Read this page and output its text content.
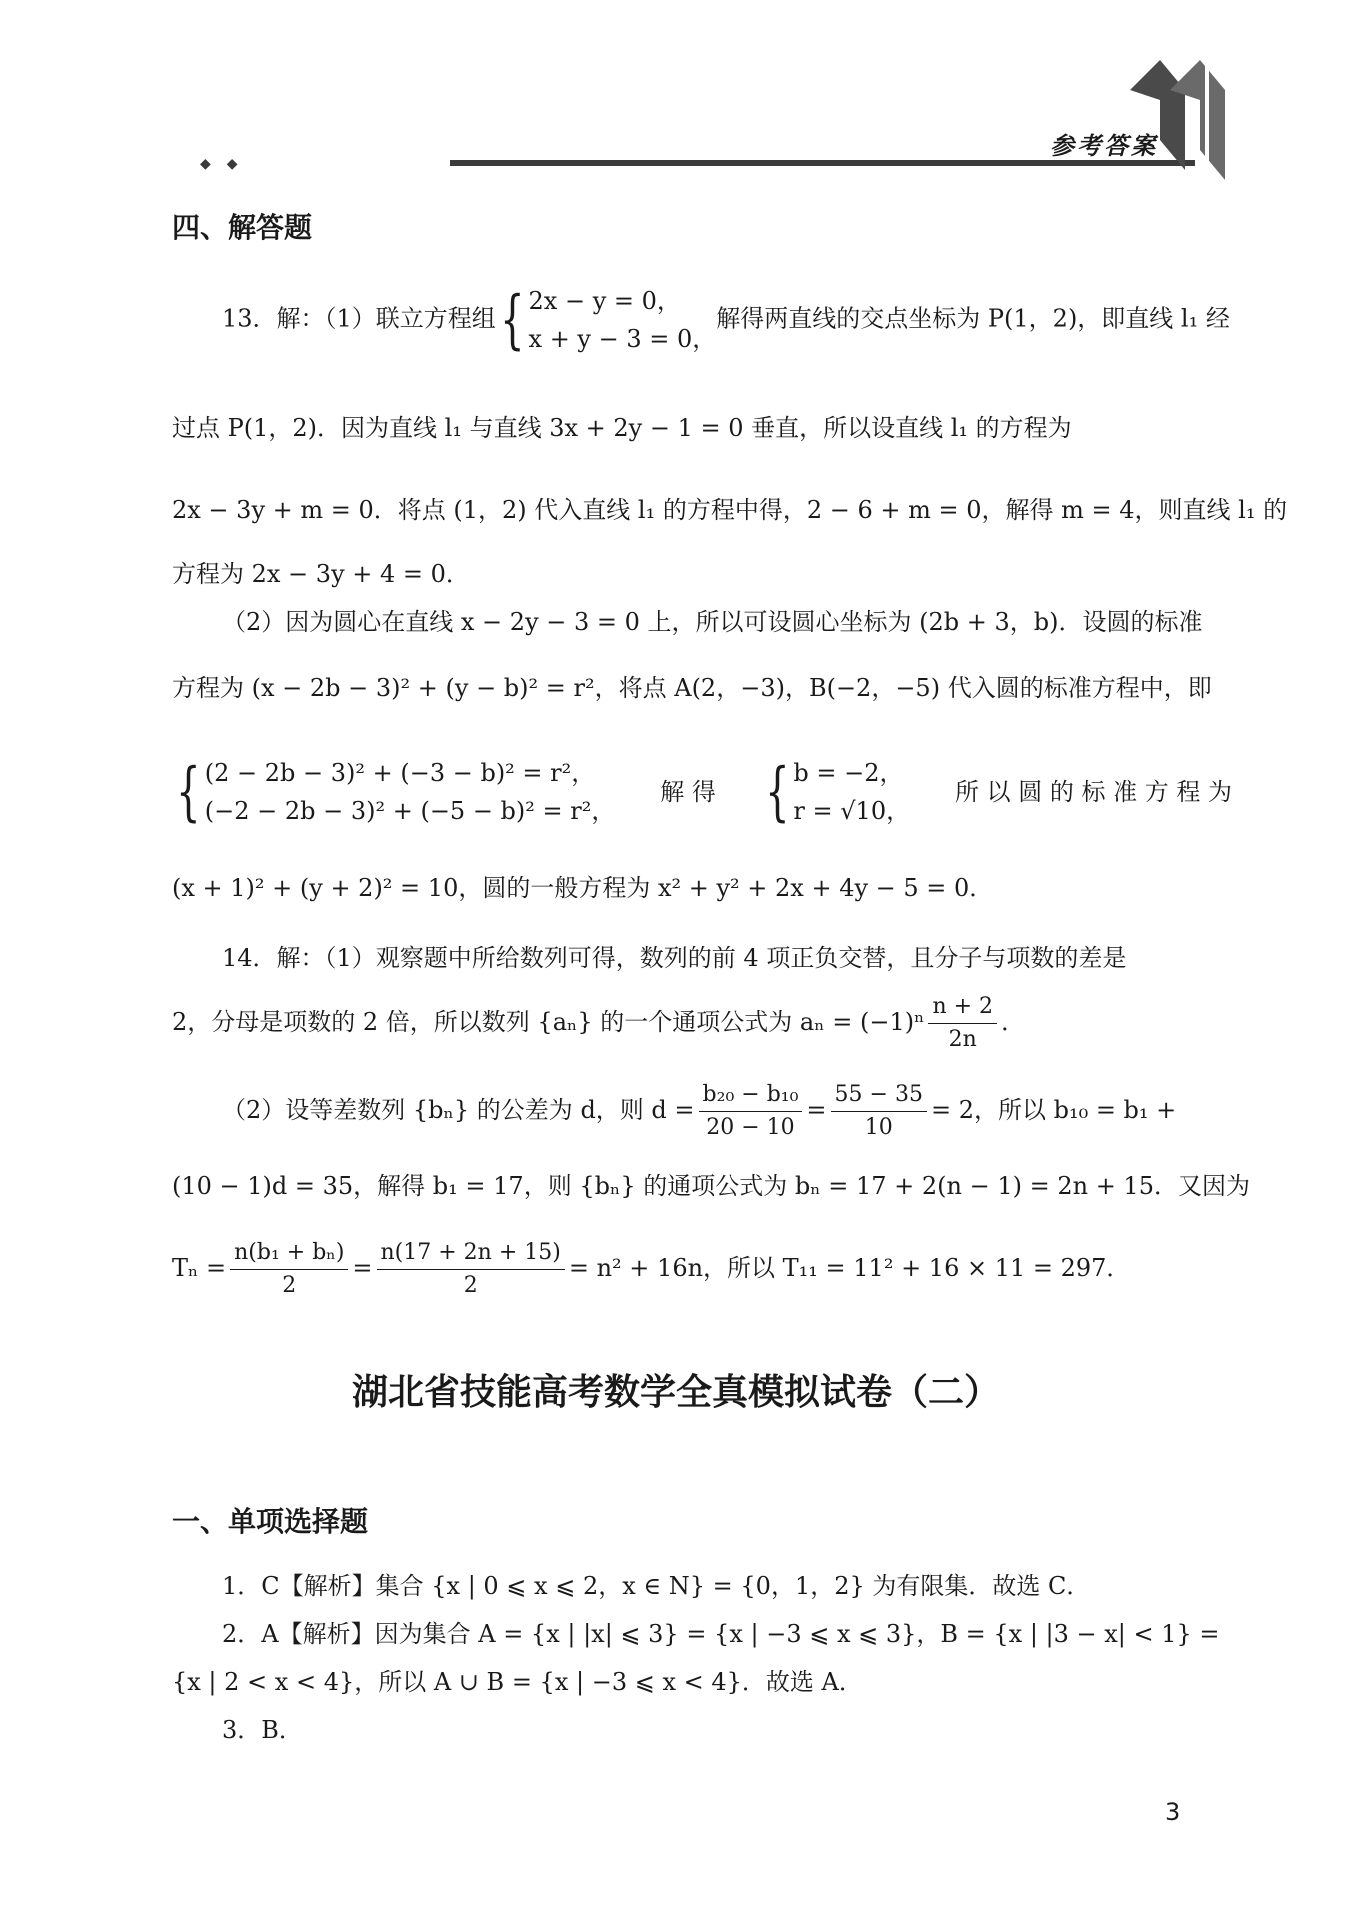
◆◆
参考答案
四、解答题
13．解：（1）联立方程组 { 2x − y = 0，
x + y − 3 = 0，
解得两直线的交点坐标为 P(1，2)，即直线 l₁ 经
过点 P(1，2)．因为直线 l₁ 与直线 3x + 2y − 1 = 0 垂直，所以设直线 l₁ 的方程为
2x − 3y + m = 0．将点 (1，2) 代入直线 l₁ 的方程中得，2 − 6 + m = 0，解得 m = 4，则直线 l₁ 的
方程为 2x − 3y + 4 = 0．
（2）因为圆心在直线 x − 2y − 3 = 0 上，所以可设圆心坐标为 (2b + 3，b)．设圆的标准
方程为 (x − 2b − 3)² + (y − b)² = r²，将点 A(2，−3)，B(−2，−5) 代入圆的标准方程中，即
{ (2 − 2b − 3)² + (−3 − b)² = r²，
(−2 − 2b − 3)² + (−5 − b)² = r²，
解 得 { b = −2，
r = √10，
所 以 圆 的 标 准 方 程 为
(x + 1)² + (y + 2)² = 10，圆的一般方程为 x² + y² + 2x + 4y − 5 = 0．
14．解：（1）观察题中所给数列可得，数列的前 4 项正负交替，且分子与项数的差是
2，分母是项数的 2 倍，所以数列 {aₙ} 的一个通项公式为 $a_n = (-1)^n \frac{n + 2}{2n}$ ．
（2）设等差数列 {bₙ} 的公差为 d，则 $d = \frac{\text{b₂₀ − b₁₀}}{20 - 10} = \frac{55 - 35}{10} = 2$，所以 b₁₀ = b₁ +
(10 − 1)d = 35，解得 b₁ = 17，则 {bₙ} 的通项公式为 bₙ = 17 + 2(n − 1) = 2n + 15．又因为
$T_n = \frac{\text{n(b₁ + bₙ)}}{2} = \frac{n(17 + 2n + 15)}{2} = n^2 + 16n$，所以 T₁₁ = 11² + 16 × 11 = 297．
湖北省技能高考数学全真模拟试卷（二）
一、单项选择题
1．C【解析】集合 {x | 0 ⩽ x ⩽ 2，x ∈ N} = {0，1，2} 为有限集．故选 C．
2．A【解析】因为集合 A = {x | |x| ⩽ 3} = {x | −3 ⩽ x ⩽ 3}，B = {x | |3 − x| < 1} =
{x | 2 < x < 4}，所以 A ∪ B = {x | −3 ⩽ x < 4}．故选 A．
3．B．
3
